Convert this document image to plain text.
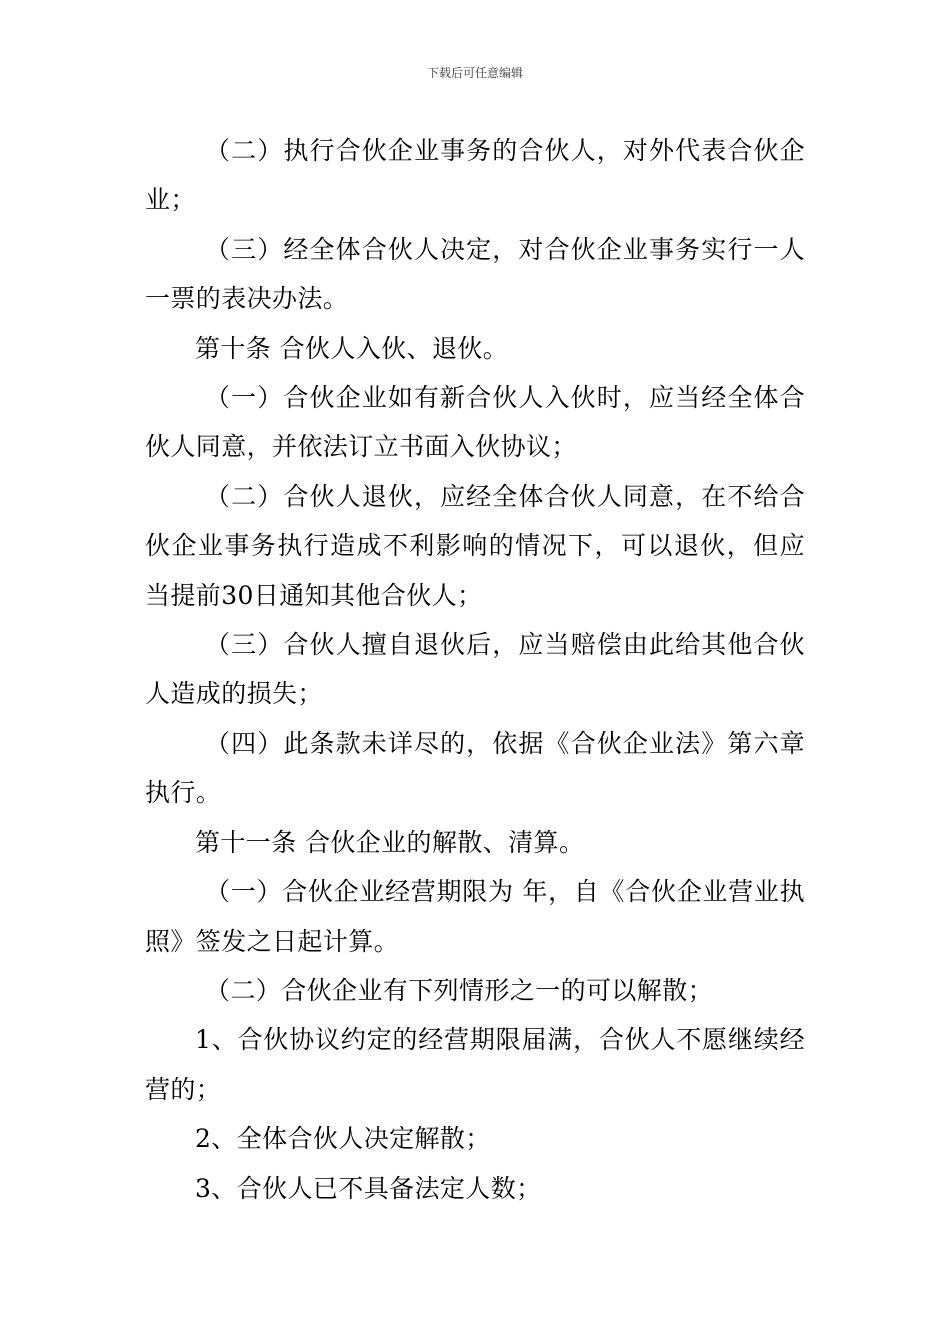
下载后可任意编辑

（二）执行合伙企业事务的合伙人，对外代表合伙企业；

（三）经全体合伙人决定，对合伙企业事务实行一人一票的表决办法。

第十条 合伙人入伙、退伙。

（一）合伙企业如有新合伙人入伙时，应当经全体合伙人同意，并依法订立书面入伙协议；

（二）合伙人退伙，应经全体合伙人同意，在不给合伙企业事务执行造成不利影响的情况下，可以退伙，但应当提前30日通知其他合伙人；

（三）合伙人擅自退伙后，应当赔偿由此给其他合伙人造成的损失；

（四）此条款未详尽的，依据《合伙企业法》第六章执行。

第十一条 合伙企业的解散、清算。

（一）合伙企业经营期限为 年，自《合伙企业营业执照》签发之日起计算。

（二）合伙企业有下列情形之一的可以解散；

1、合伙协议约定的经营期限届满，合伙人不愿继续经营的；

2、全体合伙人决定解散；

3、合伙人已不具备法定人数；
